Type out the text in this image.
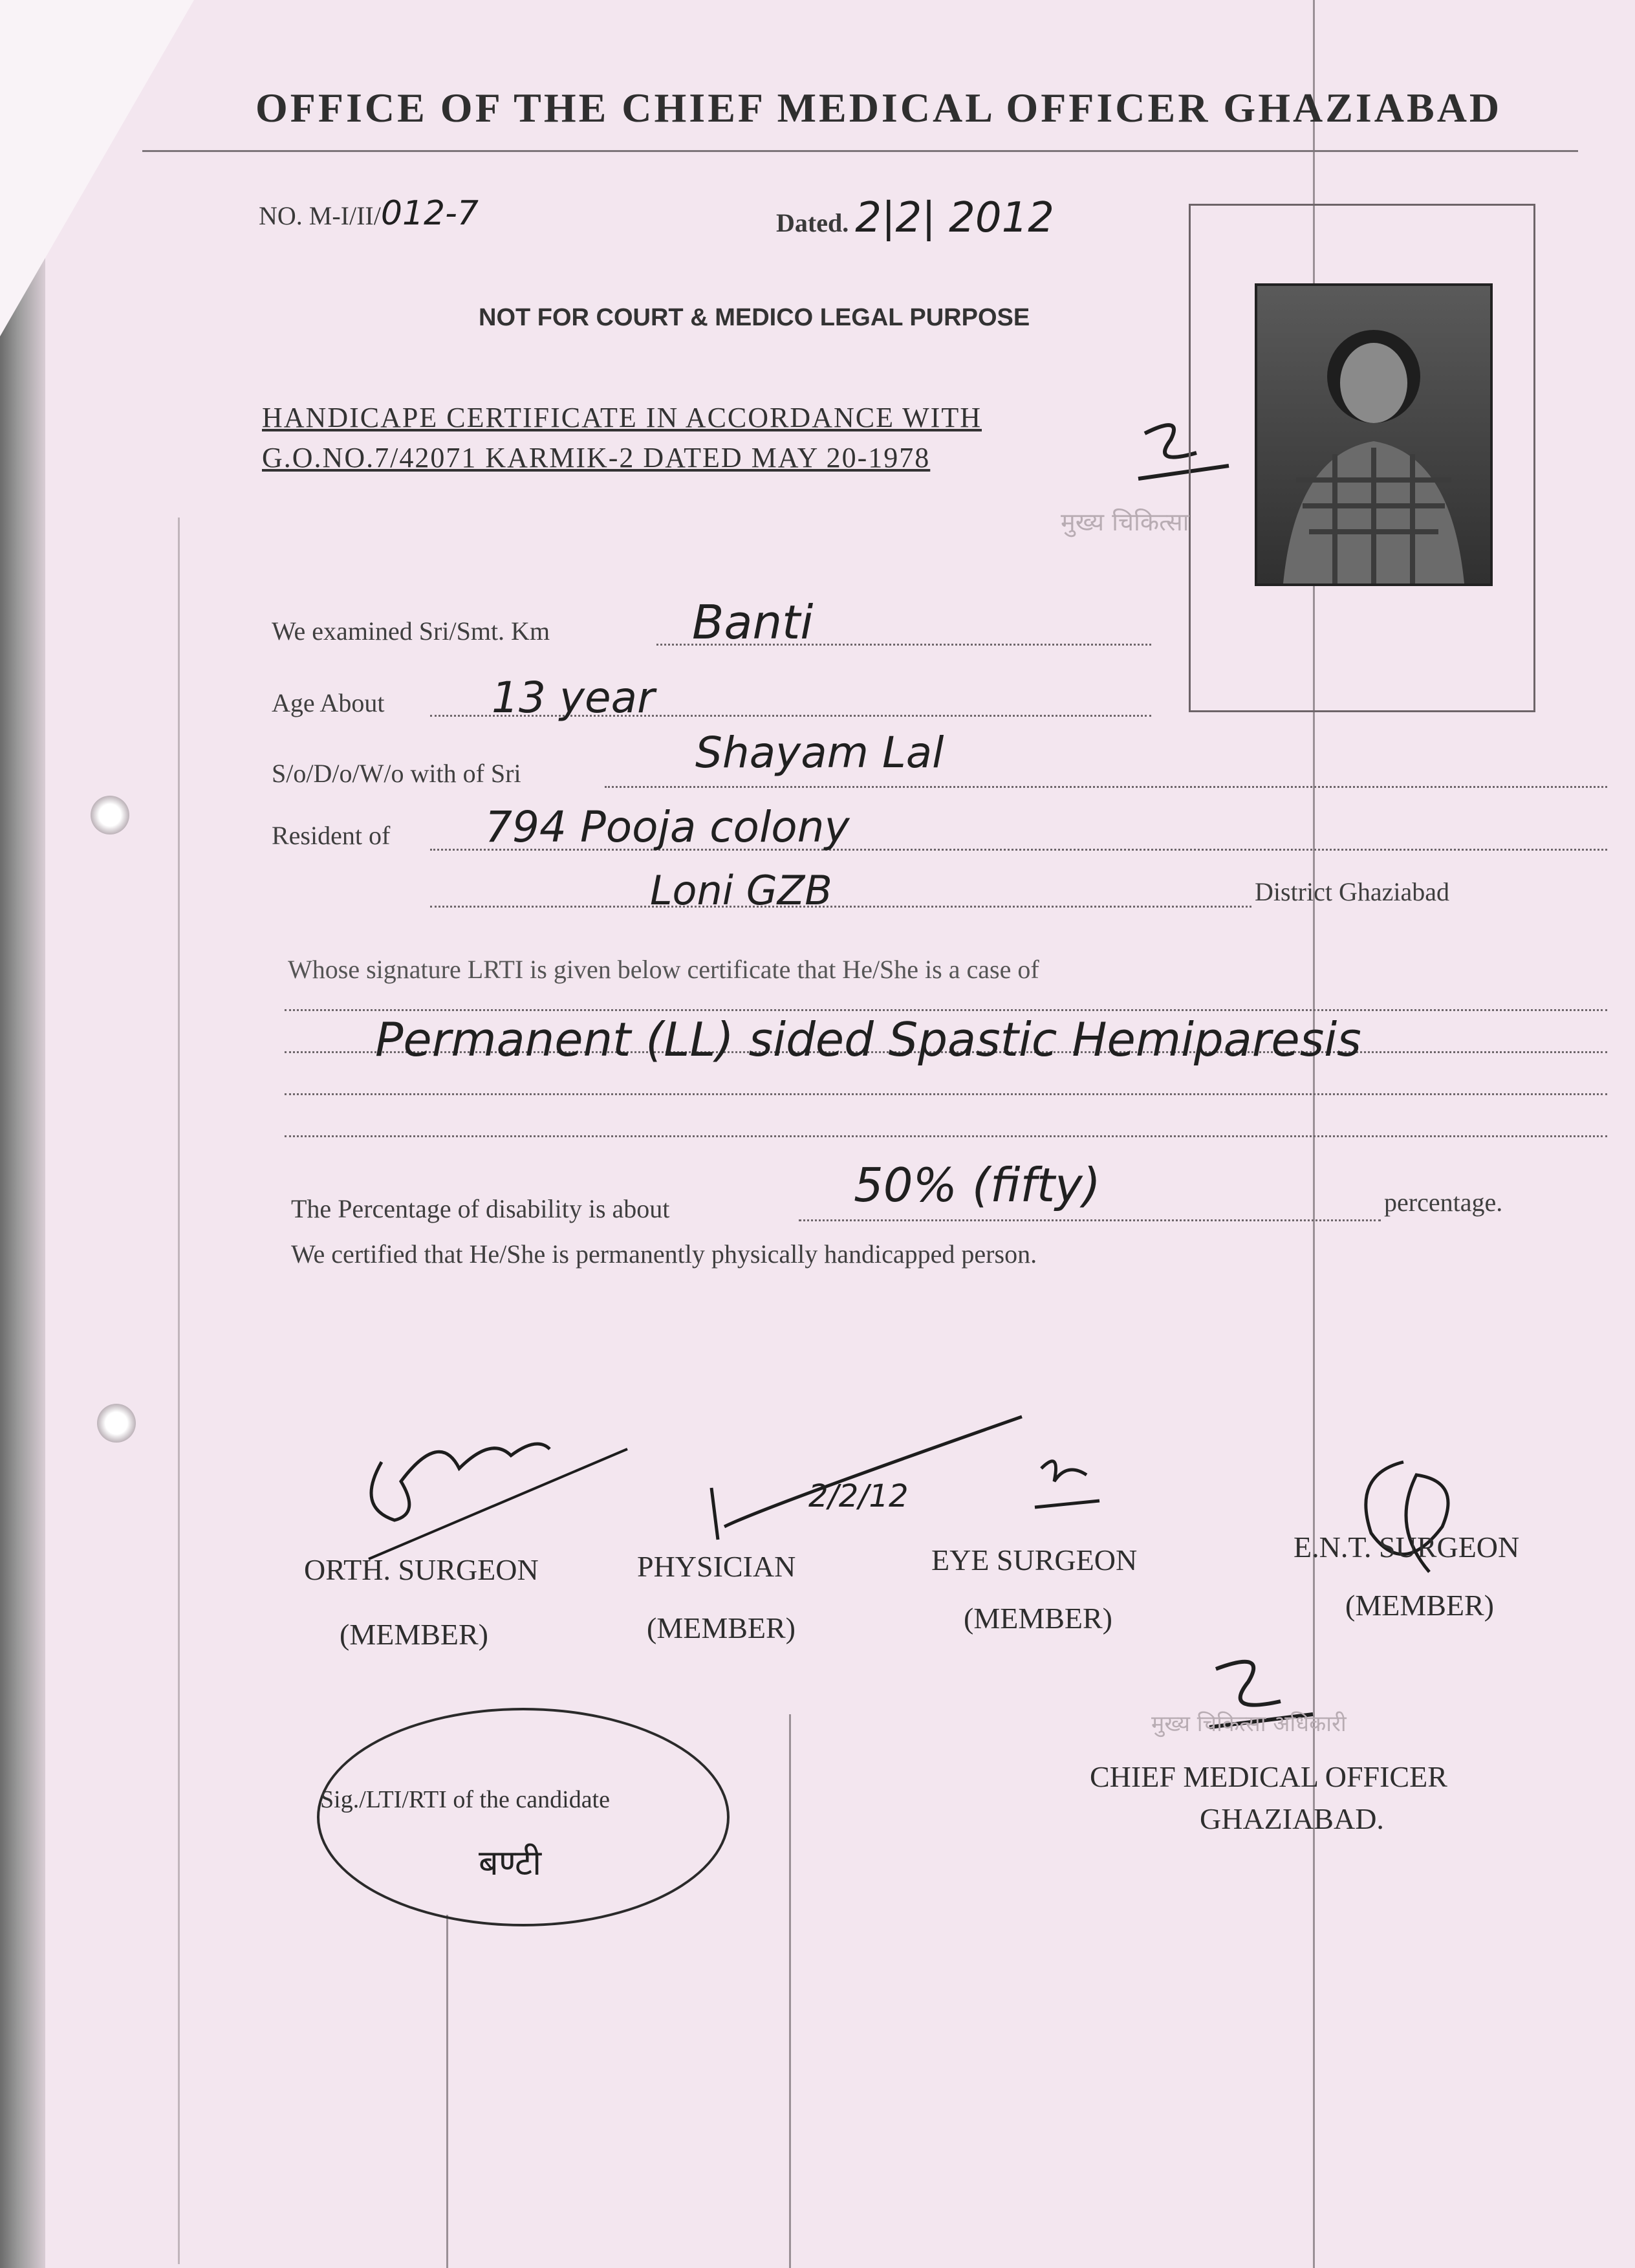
OFFICE OF THE CHIEF MEDICAL OFFICER GHAZIABAD
NO. M-I/II/012-7	Dated. 2|2| 2012
NOT FOR COURT & MEDICO LEGAL PURPOSE
HANDICAPE CERTIFICATE IN ACCORDANCE WITH
G.O.NO.7/42071 KARMIK-2 DATED MAY 20-1978
मुख्य चिकित्सा
We examined Sri/Smt. Km	Banti
Age About	13 year
S/o/D/o/W/o with of Sri	Shayam Lal
Resident of 794 Pooja colony
Loni GZB	District Ghaziabad
Whose signature LRTI is given below certificate that He/She is a case of
Permanent (LL) sided Spastic Hemiparesis
The Percentage of disability is about	50% (fifty)	percentage.
We certified that He/She is permanently physically handicapped person.
2/2/12
ORTH. SURGEON
(MEMBER)
PHYSICIAN
(MEMBER)
EYE SURGEON
(MEMBER)
E.N.T. SURGEON
(MEMBER)
Sig./LTI/RTI of the candidate
बण्टी
मुख्य चिकित्सा अधिकारी
CHIEF MEDICAL OFFICER
GHAZIABAD.
